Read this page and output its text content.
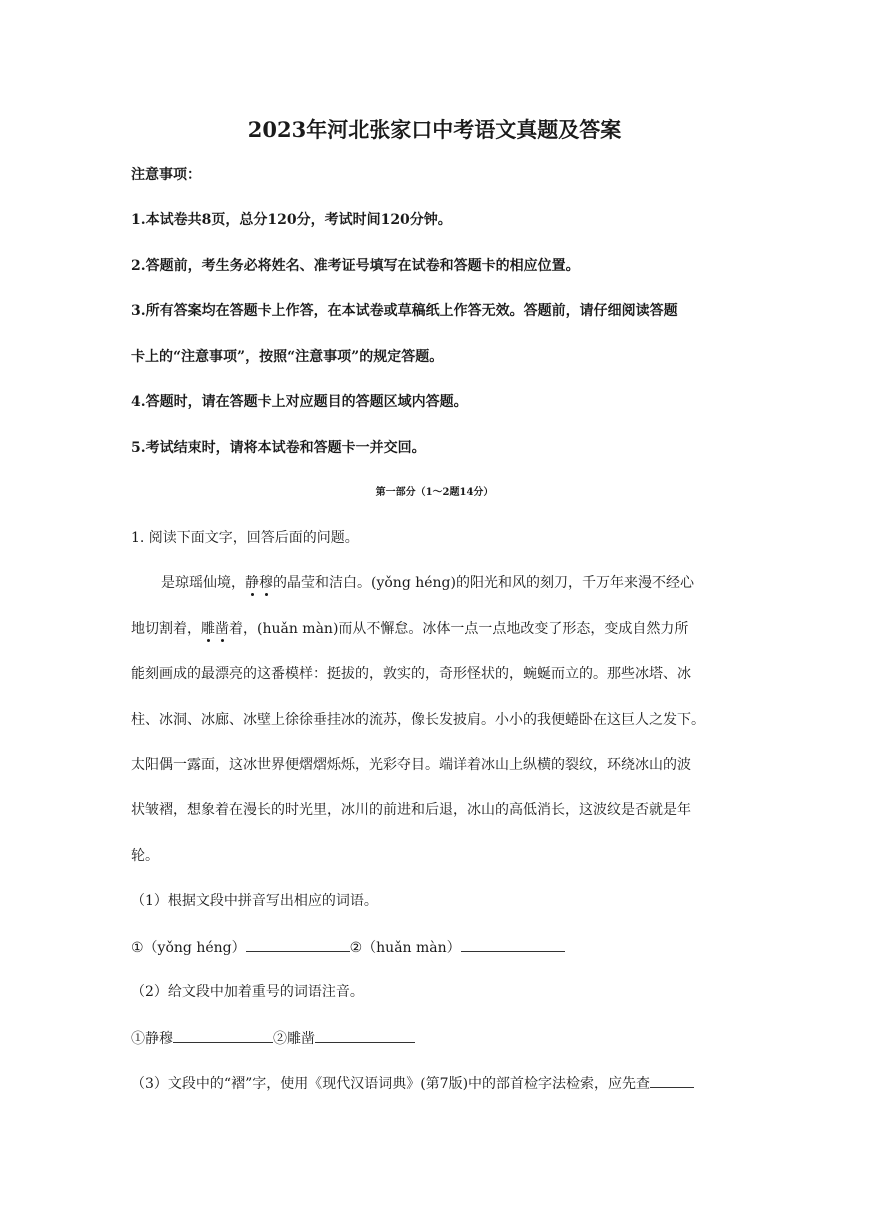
2023年河北张家口中考语文真题及答案
注意事项：
1.本试卷共8页，总分120分，考试时间120分钟。
2.答题前，考生务必将姓名、准考证号填写在试卷和答题卡的相应位置。
3.所有答案均在答题卡上作答，在本试卷或草稿纸上作答无效。答题前，请仔细阅读答题
卡上的“注意事项”，按照“注意事项”的规定答题。
4.答题时，请在答题卡上对应题目的答题区域内答题。
5.考试结束时，请将本试卷和答题卡一并交回。
第一部分（1～2题14分）
1. 阅读下面文字，回答后面的问题。
是琼瑶仙境，静穆的晶莹和洁白。(yǒng héng)的阳光和风的刻刀，千万年来漫不经心
地切割着，雕凿着，(huǎn màn)而从不懈怠。冰体一点一点地改变了形态，变成自然力所
能刻画成的最漂亮的这番模样：挺拔的，敦实的，奇形怪状的，蜿蜒而立的。那些冰塔、冰
柱、冰洞、冰廊、冰壁上徐徐垂挂冰的流苏，像长发披肩。小小的我便蜷卧在这巨人之发下。
太阳偶一露面，这冰世界便熠熠烁烁，光彩夺目。端详着冰山上纵横的裂纹，环绕冰山的波
状皱褶，想象着在漫长的时光里，冰川的前进和后退，冰山的高低消长，这波纹是否就是年
轮。
（1）根据文段中拼音写出相应的词语。
①（yǒng héng）	②（huǎn màn）
（2）给文段中加着重号的词语注音。
①静穆	②雕凿
（3）文段中的“褶”字，使用《现代汉语词典》(第7版)中的部首检字法检索，应先查
